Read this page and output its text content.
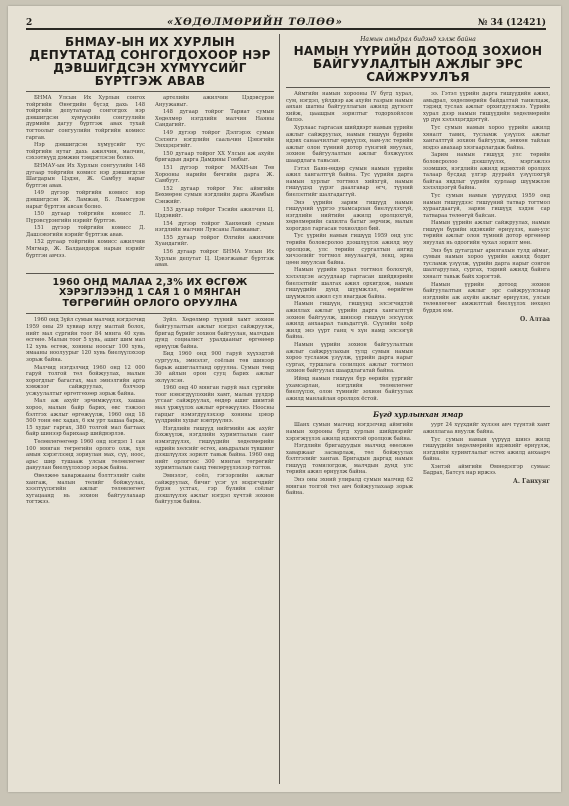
2	«ХӨДӨЛМӨРИЙН ТӨЛӨӨ»	№ 34 (12421)
БНМАУ-ЫН ИХ ХУРЛЫН ДЕПУТАТАД СОНГОГДОХООР НЭР ДЭВШИГДСЭН ХҮМҮҮСИЙГ БҮРТГЭЖ АВАВ

БНМА Улсын Их Хурлын сонгох тойргийн Өнөгдийн бүсэд дахь 148 тойргийн депутатаар сонгогдох нэр дэвшигдсэн хүмүүсийн сонгуулийн дүрмийн дагуу бүртгэж авах тухай тогтоолыг сонгуулийн тойргийн комисс гаргав.

Нэр дэвшигдсэн хүмүүсийг тус тойргийн нутаг дахь ажилчин, малчин, сэхээтнүүд дэмжин тэмдэглэсэн болно.

БНМАУ-ын Их Хурлын сонгуулийн 148 дугаар тойргийн комисс нэр дэвшигдсэн Шагдарын Цэдэн, Ж. Самбуу нарыг бүртгэн авав.

149 дүгээр тойргийн комисс нэр дэвшигдсэн Ж. Ламжав, Б. Лхамсүрэн нарыг бүртгэн авсан болно.

150 дугаар тойргийн комисс Л. Пүрэвсүрэнгийн нэрийг бүртгэв.

151 дүгээр тойргийн комисс Д. Дашзэвэгийн нэрийг бүртгэж авав.

152 дугаар тойргийн комисс ажилчин Мягмар, Ж. Балдандорж нарын нэрийг бүртгэн авчээ.

артелийн ажилчин Цэдэвсүрэн Ануужавыг.

148 дугаар тойрог Тариат сумын Хөдөлмөр нэгдлийн малчин Наяны Сандагийг.

149 дүгээр тойрог Дэлгэрэх сумын Сэлэнгэ нэгдлийн саальчин Цэвэгийн Энхцэцэгийг.

150 дугаар тойрог ХХ Улсын аж ахуйн бригадын дарга Дамдины Гомбыг.

151 дүгээр тойрог МАХН-ын Төв Хорооны нарийн бичгийн дарга Ж. Самбууг.

152 дугаар тойрог Увс аймгийн Бөхмөрөн сумын нэгдлийн дарга Жамбын Сэнжийг.

153 дугаар тойрог Тэсийн ажилчин Ц. Цэдэвийг.

154 дүгээр тойрог Ханхөхий сумын нэгдлийн малчин Лувсаны Ламжавыг.

155 дугаар тойрог Өлгийн ажилчин Хуандагийг.

156 дугаар тойрог БНМА Улсын Их Хурлын депутат Ц. Цэвэгжавыг бүртгэж авав.

1960 ОНД МАЛАА 2,3% ИХ ӨСГӨЖ ХЭРЭГЛЭЭНД 1 САЯ 1 0 МЯНГАН ТӨГРӨГИЙН ОРЛОГО ОРУУЛНА

1960 онд Зүйл сумын малчид нэгдэлчид 1959 оны 29 хувиар илүү малтай болох, нийт мал сүргийн тоог 84 мянга 40 хувь өсгөнө. Малын тоог 5 хувь, ашиг шим мал 12 хувь өсгөж, хонины ноосыг 100 хувь, ямааны ноолуурыг 120 хувь биелүүлэхээр зорьж байна.

Малчид нэгдэлчид 1960 онд 12 000 гаруй толгой төл бойжуулах, малын хорогдлыг багасгах, мал эмнэлгийн арга хэмжээг сайжруулах, бэлчээр усжуулалтыг өргөтгөхөөр зорьж байна.

Мал аж ахуйг эрчимжүүлэх, хашаа хороо, малын байр барих, өвс тэжээл бэлтгэх ажлыг өргөжүүлж, 1960 онд 18 500 тонн өвс хадах, 6 км урт хашаа барьж, 15 худаг гаргах, 380 толгой мал багтаах байр шинээр барихаар шийдвэрлэв.

Төлөвлөгөөгөөр 1960 онд нэгдэл 1 сая 100 мянган төгрөгийн орлого олж, хүн амын хэрэглээнд зориулан мах, сүү, ноос, арьс шир тушааж улсын төлөвлөгөөг давуулан биелүүлэхээр зорьж байна.

Өвөлжөө хаваржааны бэлтгэлийг сайн хангаж, малын төлийг бойжуулах, хээлтүүлэгийн ажлыг төлөвлөгөөт хугацаанд нь зохион байгуулахаар тогтжээ.

Зүйл. Хөдөлмөр түүний хамт зохион байгуулалтын ажлыг нэгдэл сайжруулж, бригад бүрийг зохион байгуулан, малчдын дунд социалист уралдааныг өргөнөөр өрнүүлж байна.

Бид 1960 онд 900 гаруй хүүхэдтэй сургууль, эмнэлэг, соёлын төв шинээр барьж ашиглалтанд оруулна. Сумын төвд 30 айлын орон сууц барих ажлыг эхлүүлсэн.

1960 онд 40 мянган гаруй мал сүргийн тоог нэмэгдүүлэхийн хамт, малын үүлдэр угсааг сайжруулах, өндөр ашиг шимтэй мал үржүүлэх ажлыг өргөжүүлнэ. Ноосны гарцыг нэмэгдүүлэхээр хонины цэвэр үүлдрийн хуцыг нэвтрүүлнэ.

Нэгдлийн гишүүд нийгмийн аж ахуйг бэхжүүлж, нэгдлийн хуримтлалын санг нэмэгдүүлэх, гишүүдийн хөдөлмөрийн өдрийн хөлсийг өсгөх, амьдралын түвшинг дээшлүүлэх зорилт тавьж байна. 1960 онд нийт орлогоос 300 мянган төгрөгийг хуримтлалын санд төвлөрүүлэхээр тогтов.

Эмнэлэг, соёл, гэгээрлийн ажлыг сайжруулах, бичиг үсэг үл мэдэгчдийг бүрэн устгах, гэр бүлийн соёлыг дээшлүүлэх ажлыг нэгдэл хүчтэй зохион байгуулж байна.

Намын амьдрал бидэнд хэлж байна

НАМЫН ҮҮРИЙН ДОТООД ЗОХИОН БАЙГУУЛАЛТЫН АЖЛЫГ ЭРС САЙЖРУУЛЪЯ

Аймгийн намын хорооны IV бүгд хурал, сум, нэгдэл, үйлдвэр аж ахуйн газрын намын анхан шатны байгууллагын ажилд дүгнэлт хийж, цаашдын зорилтыг тодорхойлсон билээ.

Хурлаас гаргасан шийдвэрт намын үүрийн ажлыг сайжруулах, намын гишүүн бүрийн идэвх санаачилгыг өрнүүлэх, нам-улс төрийн ажлыг олон түмний дотор гүнзгий явуулах, зохион байгуулалтын ажлыг бэхжүүлэх шаардлага тавьсан.

Гэтэл Баян-өндөр сумын намын үүрийн ажил хангалтгүй байна. Тус үүрийн дарга намын хурлыг тогтмол хийхгүй, намын гишүүдэд үүрэг даалгавар өгч, түүний биелэлтийг шалгадаггүй.

Энэ үүрийн зарим гишүүд намын гишүүний үүргээ ухамсарлан биелүүлэхгүй, нэгдлийн нийтийн ажилд оролцохгүй, хөдөлмөрийн сахилга батыг зөрчиж, малын хорогдол гаргасан тохиолдол бий.

Тус үүрийн намын гишүүд 1959 онд улс төрийн боловсролоо дээшлүүлэх ажилд муу оролцож, улс төрийн сургалтын ангид хичээлийг тогтмол явуулаагүй, лекц, яриа цөөн явуулсан байна.

Намын үүрийн хурал тогтмол болохгүй, хэлэлцсэн асуудлаар гаргасан шийдвэрийн биелэлтийг шалгах ажил орхигдож, намын гишүүдийн дунд шүүмжлэл, өөрийгөө шүүмжлэх ажил сул явагдаж байна.

Намын гишүүн, гишүүнд элсэгчидтэй ажиллах ажлыг үүрийн дарга хангалтгүй зохион байгуулж, шинээр гишүүн элсүүлэх ажилд анхаарал тавьдаггүй. Сүүлийн хоёр жилд энэ үүрт ганц ч хүн намд элсээгүй байна.

Намын үүрийн зохион байгуулалтын ажлыг сайжруулахын тулд сумын намын хороо тусламж үзүүлж, үүрийн дарга нарыг сургах, туршлага солилцох ажлыг тогтмол зохион байгуулах шаардлагатай байна.

Иймд намын гишүүн бүр өөрийн үүргийг ухамсарлан, нэгдлийн төлөвлөгөөг биелүүлэх, олон түмнийг зохион байгуулах ажилд манлайлан оролцох ёстой.

ээ. Гэтэл үүрийн дарга гишүүдийн ажил, амьдрал, хөдөлмөрийн байдалтай танилцаж, тэдэнд туслах ажлыг орхигдуулжээ. Үүрийн хурал дээр намын гишүүдийн хөдөлмөрийн үр дүн хэлэлцэгддэггүй.

Тус сумын намын хороо үүрийн ажилд хяналт тавих, тусламж үзүүлэх ажлыг хангалтгүй зохион байгуулж, зөвхөн тайлан мэдээ авахаар хязгаарлагдаж байна.

Зарим намын гишүүд улс төрийн боловсролоо дээшлүүлэх, мэргэжлээ эзэмших, нэгдлийн ажилд идэвхтэй оролцох талаар бусдад үлгэр дуурайл үзүүлэхгүй байгаа явдлыг үүрийн хурлаар шүүмжлэн хэлэлцээгүй байна.

Тус сумын намын үүрүүдэд 1959 онд намын гишүүдээс гишүүний татвар тогтмол хураагдаагүй, зарим гишүүд хэдэн сар татвараа төлөөгүй байсан.

Намын үүрийн ажлыг сайжруулах, намын гишүүн бүрийн идэвхийг өрнүүлэх, нам-улс төрийн ажлыг олон түмний дотор өргөнөөр явуулах нь одоогийн чухал зорилт мөн.

Энэ бүх дутагдлыг арилгахын тулд аймаг, сумын намын хороо үүрийн ажилд бодит тусламж үзүүлж, үүрийн дарга нарыг сонгон шалгаруулах, сургах, тэдний ажилд байнга хяналт тавьж байх хэрэгтэй.

Намын үүрийн дотоод зохион байгуулалтын ажлыг эрс сайжруулснаар нэгдлийн аж ахуйн ажлыг өрнүүлэх, улсын төлөвлөгөөг амжилттай биелүүлэх нөхцөл бүрдэх юм.

О. Алтаа
Бүгд хурлынхан ямар

Шанх сумын малчид нэгдэлчид аймгийн намын хорооны бүгд хурлын шийдвэрийг хэрэгжүүлэх ажилд идэвхтэй оролцож байна.

Нэгдлийн бригадуудын малчид өвөлжөө хаваржааг засварлаж, төл бойжуулах бэлтгэлийг хангав. Бригадын даргад намын гишүүд томилогдож, малчдын дунд улс төрийн ажил өрнүүлж байна.

Энэ оны эхний улиралд сумын малчид 62 мянган толгой төл авч бойжуулахаар зорьж байна.

уурт 24 хүүхдийг хүлээн авч түүнтэй хамт ажиллагаа явуулж байна.

Тус сумын намын үүрүүд шинэ жилд гишүүдийн хөдөлмөрийн идэвхийг өрнүүлж, нэгдлийн хуримтлалыг өсгөх ажилд анхаарч байна.

Хэнтэй аймгийн Өмнөдэлгэр сумаас Бадрах, Батсух нар иржээ.

А. Ганхуяг
